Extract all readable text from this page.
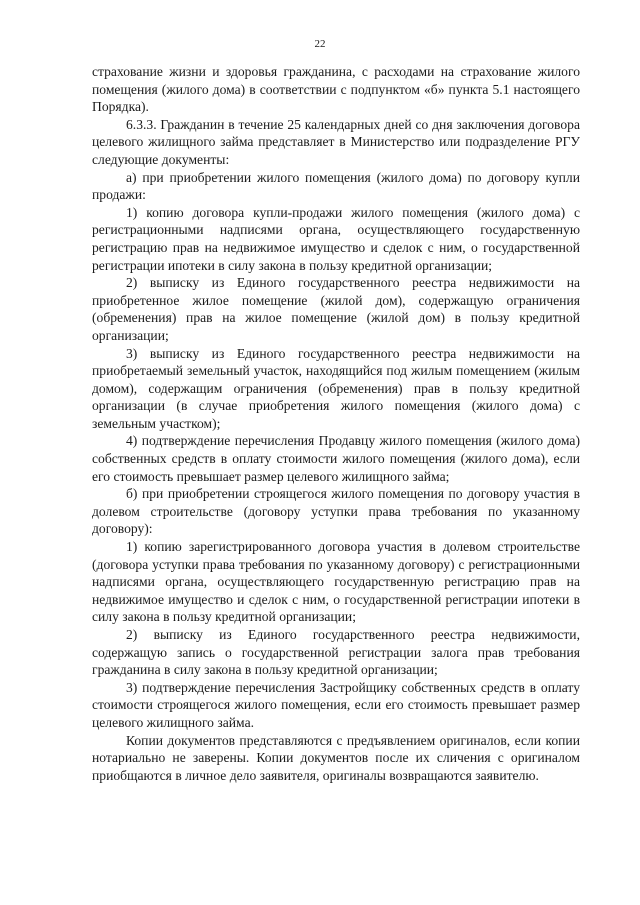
22

страхование жизни и здоровья гражданина, с расходами на страхование жилого помещения (жилого дома) в соответствии с подпунктом «б» пункта 5.1 настоящего Порядка).

6.3.3. Гражданин в течение 25 календарных дней со дня заключения договора целевого жилищного займа представляет в Министерство или подразделение РГУ следующие документы:

а) при приобретении жилого помещения (жилого дома) по договору купли продажи:

1) копию договора купли-продажи жилого помещения (жилого дома) с регистрационными надписями органа, осуществляющего государственную регистрацию прав на недвижимое имущество и сделок с ним, о государственной регистрации ипотеки в силу закона в пользу кредитной организации;

2) выписку из Единого государственного реестра недвижимости на приобретенное жилое помещение (жилой дом), содержащую ограничения (обременения) прав на жилое помещение (жилой дом) в пользу кредитной организации;

3) выписку из Единого государственного реестра недвижимости на приобретаемый земельный участок, находящийся под жилым помещением (жилым домом), содержащим ограничения (обременения) прав в пользу кредитной организации (в случае приобретения жилого помещения (жилого дома) с земельным участком);

4) подтверждение перечисления Продавцу жилого помещения (жилого дома) собственных средств в оплату стоимости жилого помещения (жилого дома), если его стоимость превышает размер целевого жилищного займа;

б) при приобретении строящегося жилого помещения по договору участия в долевом строительстве (договору уступки права требования по указанному договору):

1) копию зарегистрированного договора участия в долевом строительстве (договора уступки права требования по указанному договору) с регистрационными надписями органа, осуществляющего государственную регистрацию прав на недвижимое имущество и сделок с ним, о государственной регистрации ипотеки в силу закона в пользу кредитной организации;

2) выписку из Единого государственного реестра недвижимости, содержащую запись о государственной регистрации залога прав требования гражданина в силу закона в пользу кредитной организации;

3) подтверждение перечисления Застройщику собственных средств в оплату стоимости строящегося жилого помещения, если его стоимость превышает размер целевого жилищного займа.

Копии документов представляются с предъявлением оригиналов, если копии нотариально не заверены. Копии документов после их сличения с оригиналом приобщаются в личное дело заявителя, оригиналы возвращаются заявителю.
